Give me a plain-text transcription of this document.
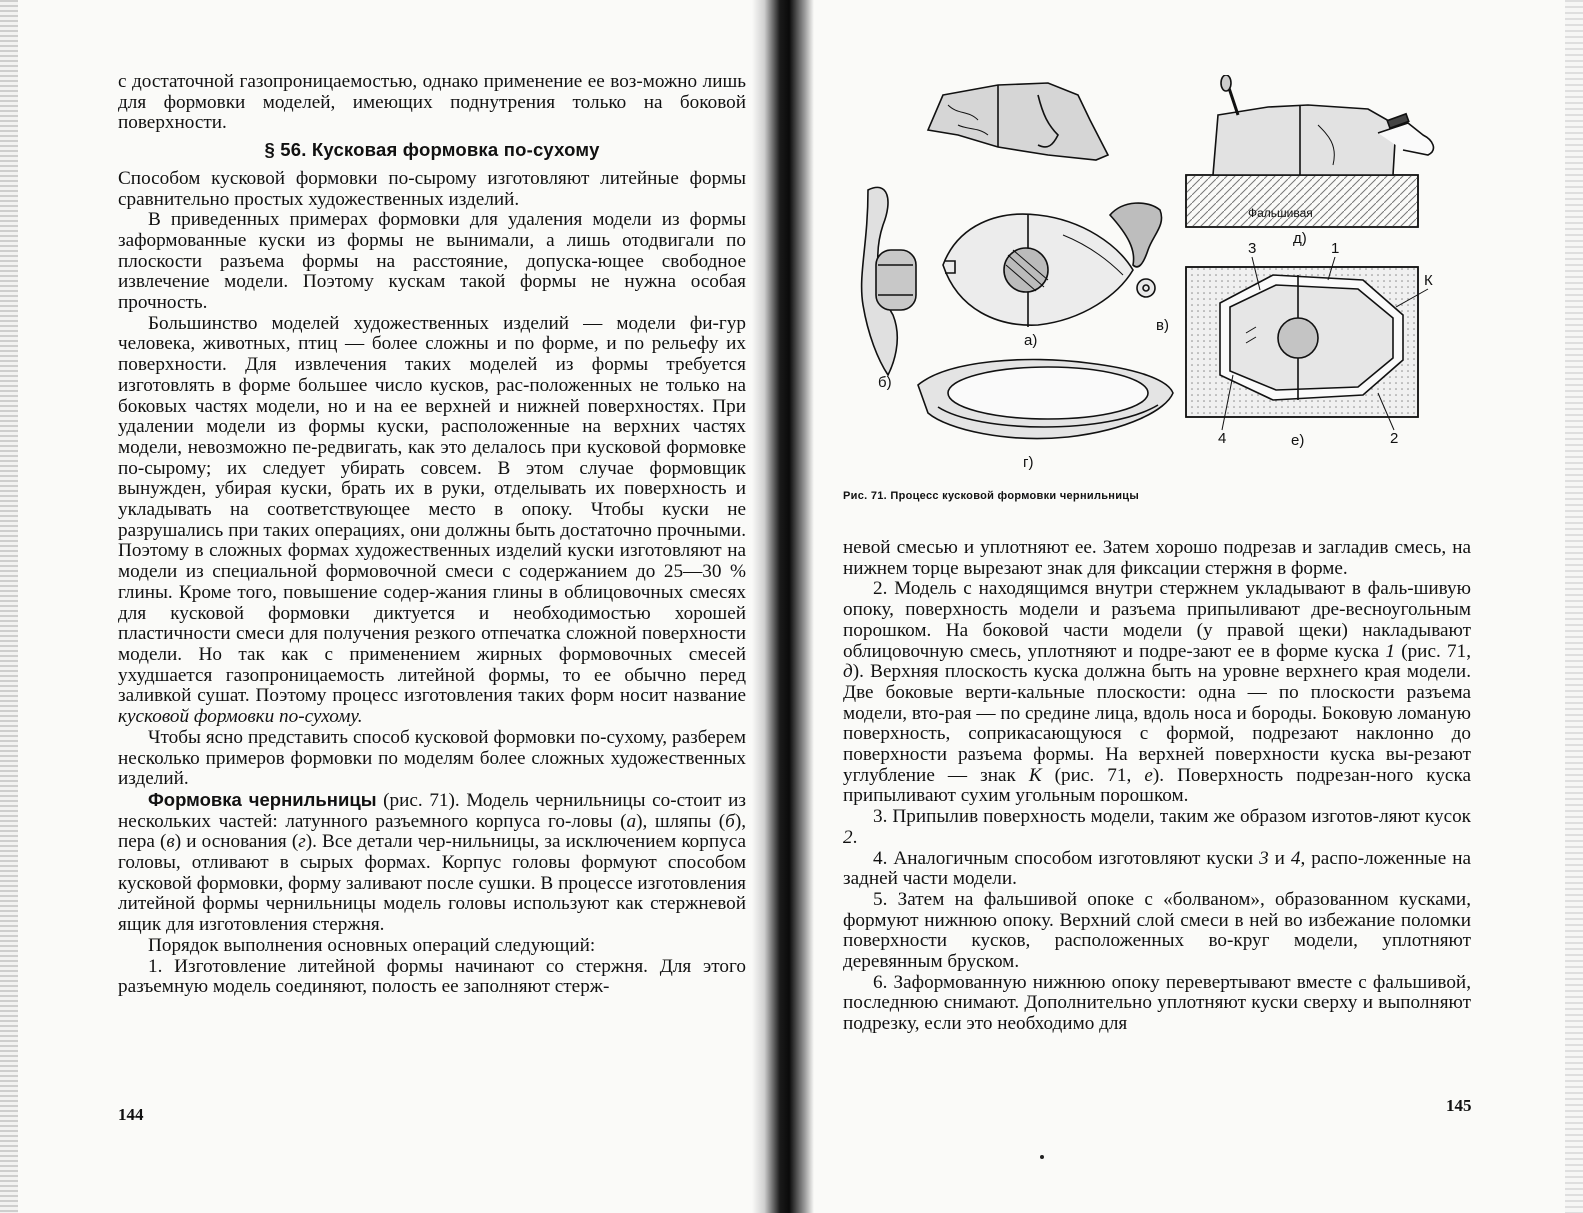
с достаточной газопроницаемостью, однако применение ее воз-можно лишь для формовки моделей, имеющих поднутрения только на боковой поверхности.

§ 56. Кусковая формовка по-сухому

Способом кусковой формовки по-сырому изготовляют литейные формы сравнительно простых художественных изделий.

В приведенных примерах формовки для удаления модели из формы заформованные куски из формы не вынимали, а лишь отодвигали по плоскости разъема формы на расстояние, допуска-ющее свободное извлечение модели. Поэтому кускам такой формы не нужна особая прочность.

Большинство моделей художественных изделий — модели фи-гур человека, животных, птиц — более сложны и по форме, и по рельефу их поверхности. Для извлечения таких моделей из формы требуется изготовлять в форме большее число кусков, рас-положенных не только на боковых частях модели, но и на ее верхней и нижней поверхностях. При удалении модели из формы куски, расположенные на верхних частях модели, невозможно пе-редвигать, как это делалось при кусковой формовке по-сырому; их следует убирать совсем. В этом случае формовщик вынужден, убирая куски, брать их в руки, отделывать их поверхность и укладывать на соответствующее место в опоку. Чтобы куски не разрушались при таких операциях, они должны быть достаточно прочными. Поэтому в сложных формах художественных изделий куски изготовляют на модели из специальной формовочной смеси с содержанием до 25—30 % глины. Кроме того, повышение содер-жания глины в облицовочных смесях для кусковой формовки диктуется и необходимостью хорошей пластичности смеси для получения резкого отпечатка сложной поверхности модели. Но так как с применением жирных формовочных смесей ухудшается газопроницаемость литейной формы, то ее обычно перед заливкой сушат. Поэтому процесс изготовления таких форм носит название кусковой формовки по-сухому.

Чтобы ясно представить способ кусковой формовки по-сухому, разберем несколько примеров формовки по моделям более сложных художественных изделий.

Формовка чернильницы (рис. 71). Модель чернильницы со-стоит из нескольких частей: латунного разъемного корпуса го-ловы (а), шляпы (б), пера (в) и основания (г). Все детали чер-нильницы, за исключением корпуса головы, отливают в сырых формах. Корпус головы формуют способом кусковой формовки, форму заливают после сушки. В процессе изготовления литейной формы чернильницы модель головы используют как стержневой ящик для изготовления стержня.

Порядок выполнения основных операций следующий:

1. Изготовление литейной формы начинают со стержня. Для этого разъемную модель соединяют, полость ее заполняют стерж-

144
а)
б)
в)
г)
д)
е)
Фальшивая
1
2
3
4
К
Рис. 71. Процесс кусковой формовки чернильницы

невой смесью и уплотняют ее. Затем хорошо подрезав и загладив смесь, на нижнем торце вырезают знак для фиксации стержня в форме.

2. Модель с находящимся внутри стержнем укладывают в фаль-шивую опоку, поверхность модели и разъема припыливают дре-весноугольным порошком. На боковой части модели (у правой щеки) накладывают облицовочную смесь, уплотняют и подре-зают ее в форме куска 1 (рис. 71, д). Верхняя плоскость куска должна быть на уровне верхнего края модели. Две боковые верти-кальные плоскости: одна — по плоскости разъема модели, вто-рая — по средине лица, вдоль носа и бороды. Боковую ломаную поверхность, соприкасающуюся с формой, подрезают наклонно до поверхности разъема формы. На верхней поверхности куска вы-резают углубление — знак К (рис. 71, е). Поверхность подрезан-ного куска припыливают сухим угольным порошком.

3. Припылив поверхность модели, таким же образом изготов-ляют кусок 2.

4. Аналогичным способом изготовляют куски 3 и 4, распо-ложенные на задней части модели.

5. Затем на фальшивой опоке с «болваном», образованном кусками, формуют нижнюю опоку. Верхний слой смеси в ней во избежание поломки поверхности кусков, расположенных во-круг модели, уплотняют деревянным бруском.

6. Заформованную нижнюю опоку перевертывают вместе с фальшивой, последнюю снимают. Дополнительно уплотняют куски сверху и выполняют подрезку, если это необходимо для

145
